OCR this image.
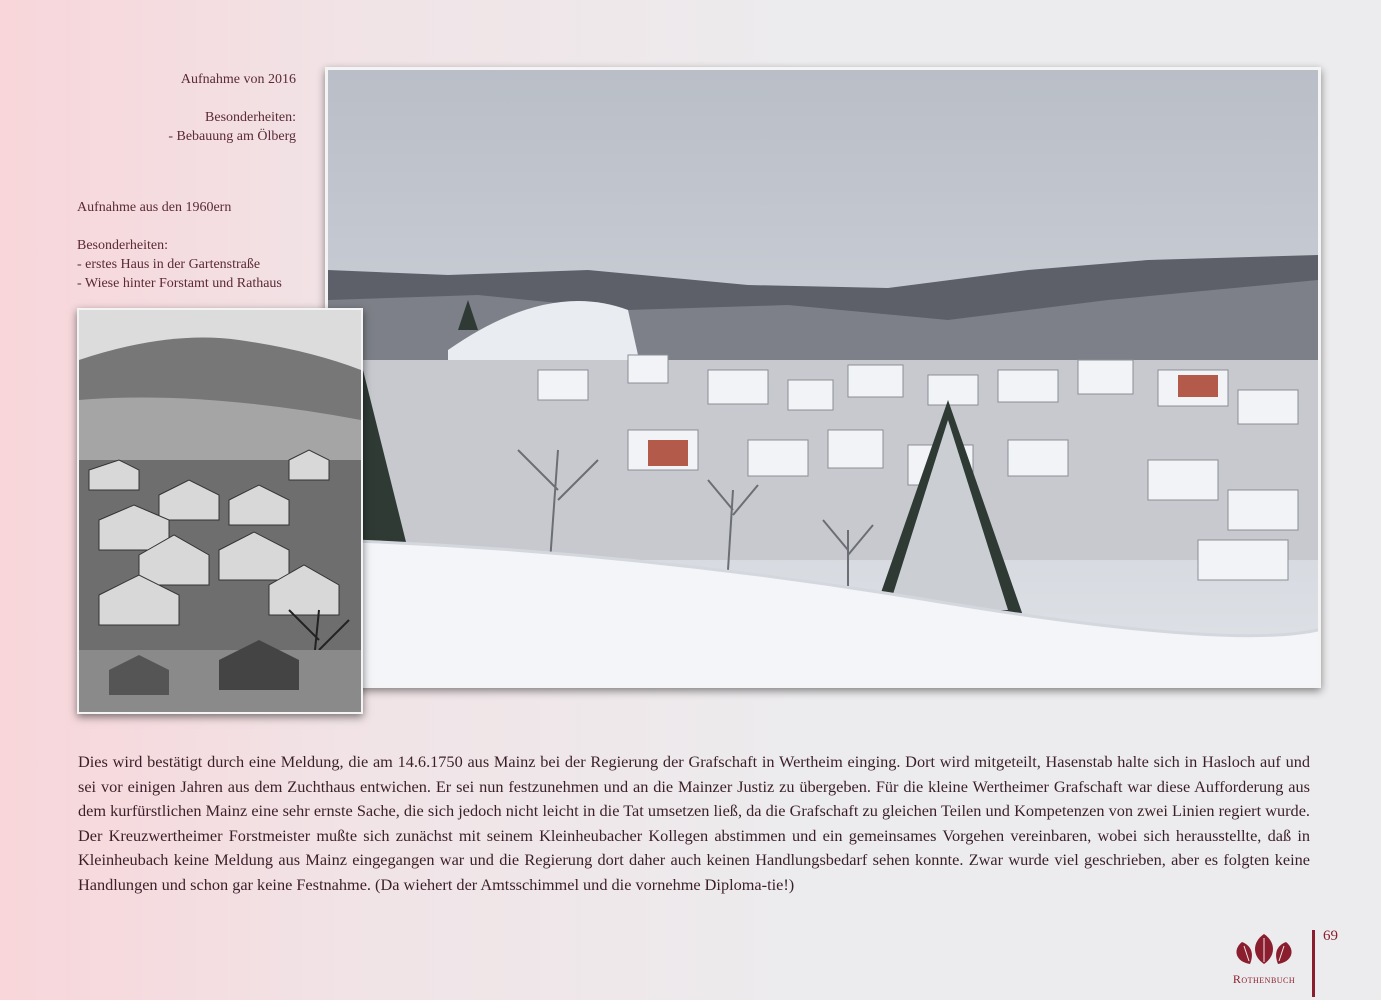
Aufnahme von 2016

Besonderheiten:
- Bebauung am Ölberg
Aufnahme aus den 1960ern

Besonderheiten:
- erstes Haus in der Gartenstraße
- Wiese hinter Forstamt und Rathaus
Dies wird bestätigt durch eine Meldung, die am 14.6.1750 aus Mainz bei der Regierung der Grafschaft in Wertheim einging. Dort wird mitgeteilt, Hasenstab halte sich in Hasloch auf und sei vor einigen Jahren aus dem Zuchthaus entwichen. Er sei nun festzunehmen und an die Mainzer Justiz zu übergeben. Für die kleine Wertheimer Grafschaft war diese Aufforderung aus dem kurfürstlichen Mainz eine sehr ernste Sache, die sich jedoch nicht leicht in die Tat umsetzen ließ, da die Grafschaft zu gleichen Teilen und Kompetenzen von zwei Linien regiert wurde. Der Kreuzwertheimer Forstmeister mußte sich zunächst mit seinem Kleinheubacher Kollegen abstimmen und ein gemeinsames Vorgehen vereinbaren, wobei sich herausstellte, daß in Kleinheubach keine Meldung aus Mainz eingegangen war und die Regierung dort daher auch keinen Handlungsbedarf sehen konnte. Zwar wurde viel geschrieben, aber es folgten keine Handlungen und schon gar keine Festnahme. (Da wiehert der Amtsschimmel und die vornehme Diploma-tie!)
Rothenbuch
69
